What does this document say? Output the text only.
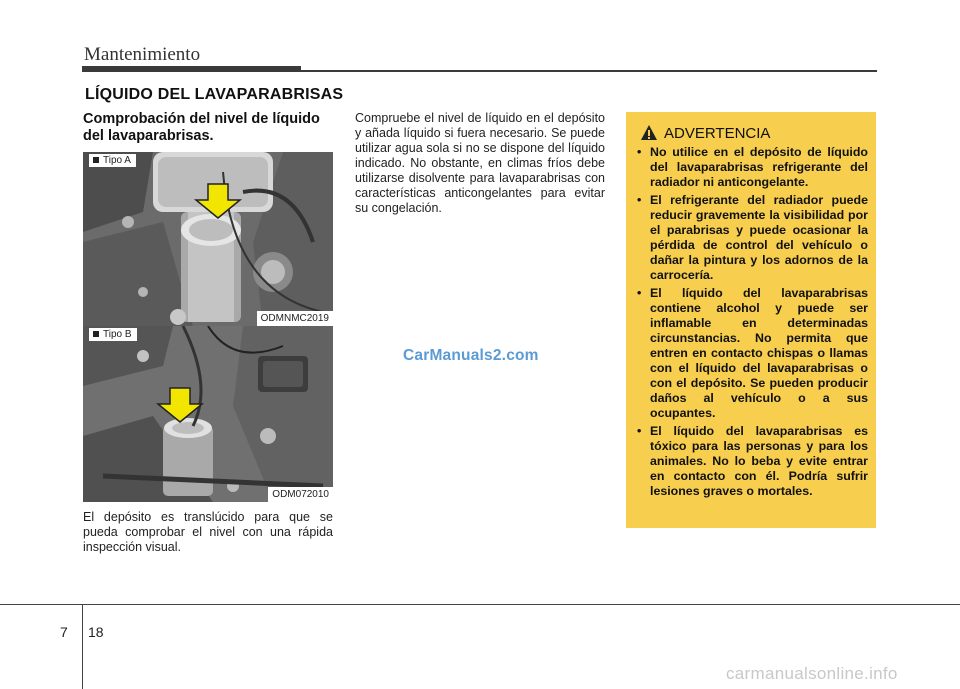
Mantenimiento
LÍQUIDO DEL LAVAPARABRISAS
Comprobación del nivel de líquido del lavaparabrisas.
Tipo A
ODMNMC2019
Tipo B
ODM072010
El depósito es translúcido para que se pueda comprobar el nivel con una rápida inspección visual.
Compruebe el nivel de líquido en el depósito y añada líquido si fuera necesario. Se puede utilizar agua sola si no se dispone del líquido indicado. No obstante, en climas fríos debe utilizarse disolvente para lavaparabrisas con características anticongelantes para evitar su congelación.
CarManuals2.com
ADVERTENCIA
• No utilice en el depósito de líquido del lavaparabrisas refrigerante del radiador ni anticongelante.
• El refrigerante del radiador puede reducir gravemente la visibilidad por el parabrisas y puede ocasionar la pérdida de control del vehículo o dañar la pintura y los adornos de la carrocería.
• El líquido del lavaparabrisas contiene alcohol y puede ser inflamable en determinadas circunstancias. No permita que entren en contacto chispas o llamas con el líquido del lavaparabrisas o con el depósito. Se pueden producir daños al vehículo o a sus ocupantes.
• El líquido del lavaparabrisas es tóxico para las personas y para los animales. No lo beba y evite entrar en contacto con él. Podría sufrir lesiones graves o mortales.
7 18
carmanualsonline.info
